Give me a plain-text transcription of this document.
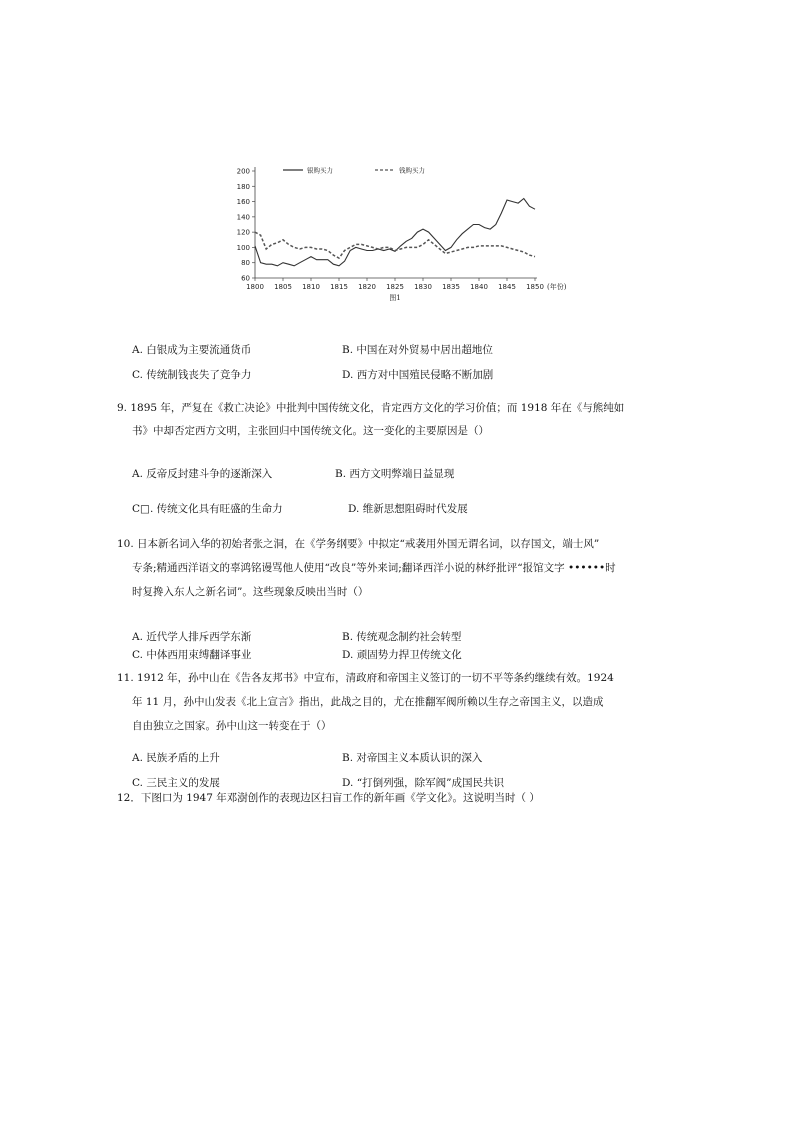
60
80
100
120
140
160
180
200
1800 1805 1810 1815 1820 1825 1830 1835 1840 1845 1850
银购买力	钱购买力
(年份)
图1
A. 白银成为主要流通货币	B. 中国在对外贸易中居出超地位
C. 传统制钱丧失了竞争力	D. 西方对中国殖民侵略不断加剧
9. 1895 年，严复在《救亡决论》中批判中国传统文化，肯定西方文化的学习价值；而 1918 年在《与熊纯如
书》中却否定西方文明，主张回归中国传统文化。这一变化的主要原因是（）
A. 反帝反封建斗争的逐渐深入	B. 西方文明弊端日益显现
C□. 传统文化具有旺盛的生命力	D. 维新思想阻碍时代发展
10. 日本新名词入华的初始者张之洞，在《学务纲要》中拟定“戒袭用外国无谓名词，以存国文，端士风”
专条;精通西洋语文的辜鸿铭谩骂他人使用“改良”等外来词;翻译西洋小说的林纾批评“报馆文字 ••••••时
时复搀入东人之新名词”。这些现象反映出当时（）
A. 近代学人排斥西学东渐	B. 传统观念制约社会转型
C. 中体西用束缚翻译事业	D. 顽固势力捍卫传统文化
11. 1912 年，孙中山在《告各友邦书》中宣布，清政府和帝国主义签订的一切不平等条约继续有效。1924
年 11 月，孙中山发表《北上宣言》指出，此战之目的，尤在推翻军阀所赖以生存之帝国主义，以造成
自由独立之国家。孙中山这一转变在于（）
A. 民族矛盾的上升	B. 对帝国主义本质认识的深入
C. 三民主义的发展	D. “打倒列强，除军阀”成国民共识
12．下图口为 1947 年邓澍创作的表现边区扫盲工作的新年画《学文化》。这说明当时（ ）
